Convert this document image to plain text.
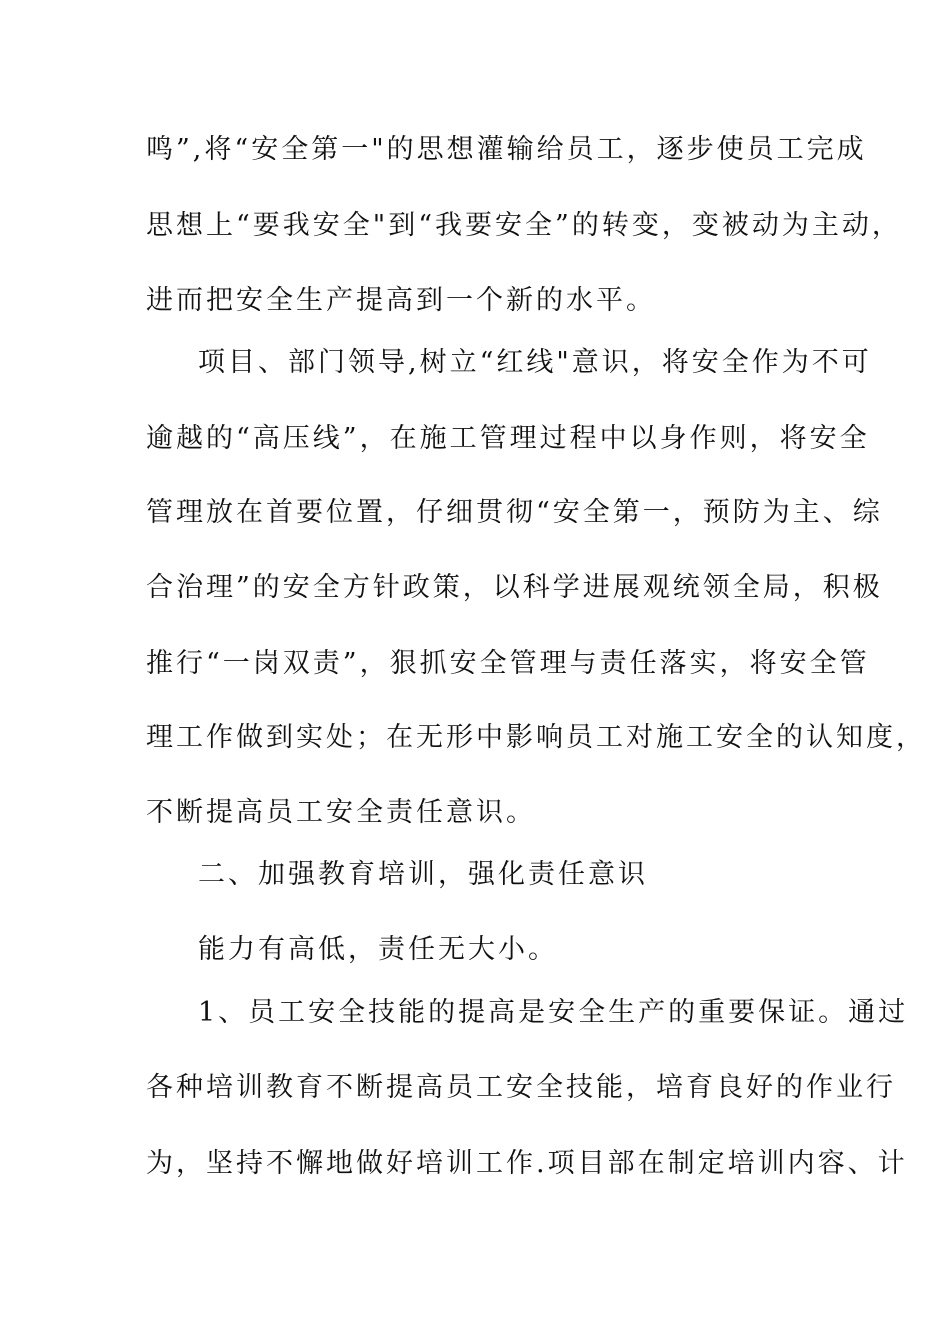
鸣”,将“安全第一"的思想灌输给员工，逐步使员工完成
思想上“要我安全"到“我要安全”的转变，变被动为主动，
进而把安全生产提高到一个新的水平。
项目、部门领导,树立“红线"意识，将安全作为不可
逾越的“高压线”，在施工管理过程中以身作则，将安全
管理放在首要位置，仔细贯彻“安全第一，预防为主、综
合治理”的安全方针政策，以科学进展观统领全局，积极
推行“一岗双责”，狠抓安全管理与责任落实，将安全管
理工作做到实处；在无形中影响员工对施工安全的认知度，
不断提高员工安全责任意识。
二、加强教育培训，强化责任意识
能力有高低，责任无大小。
1、员工安全技能的提高是安全生产的重要保证。通过
各种培训教育不断提高员工安全技能，培育良好的作业行
为，坚持不懈地做好培训工作.项目部在制定培训内容、计
